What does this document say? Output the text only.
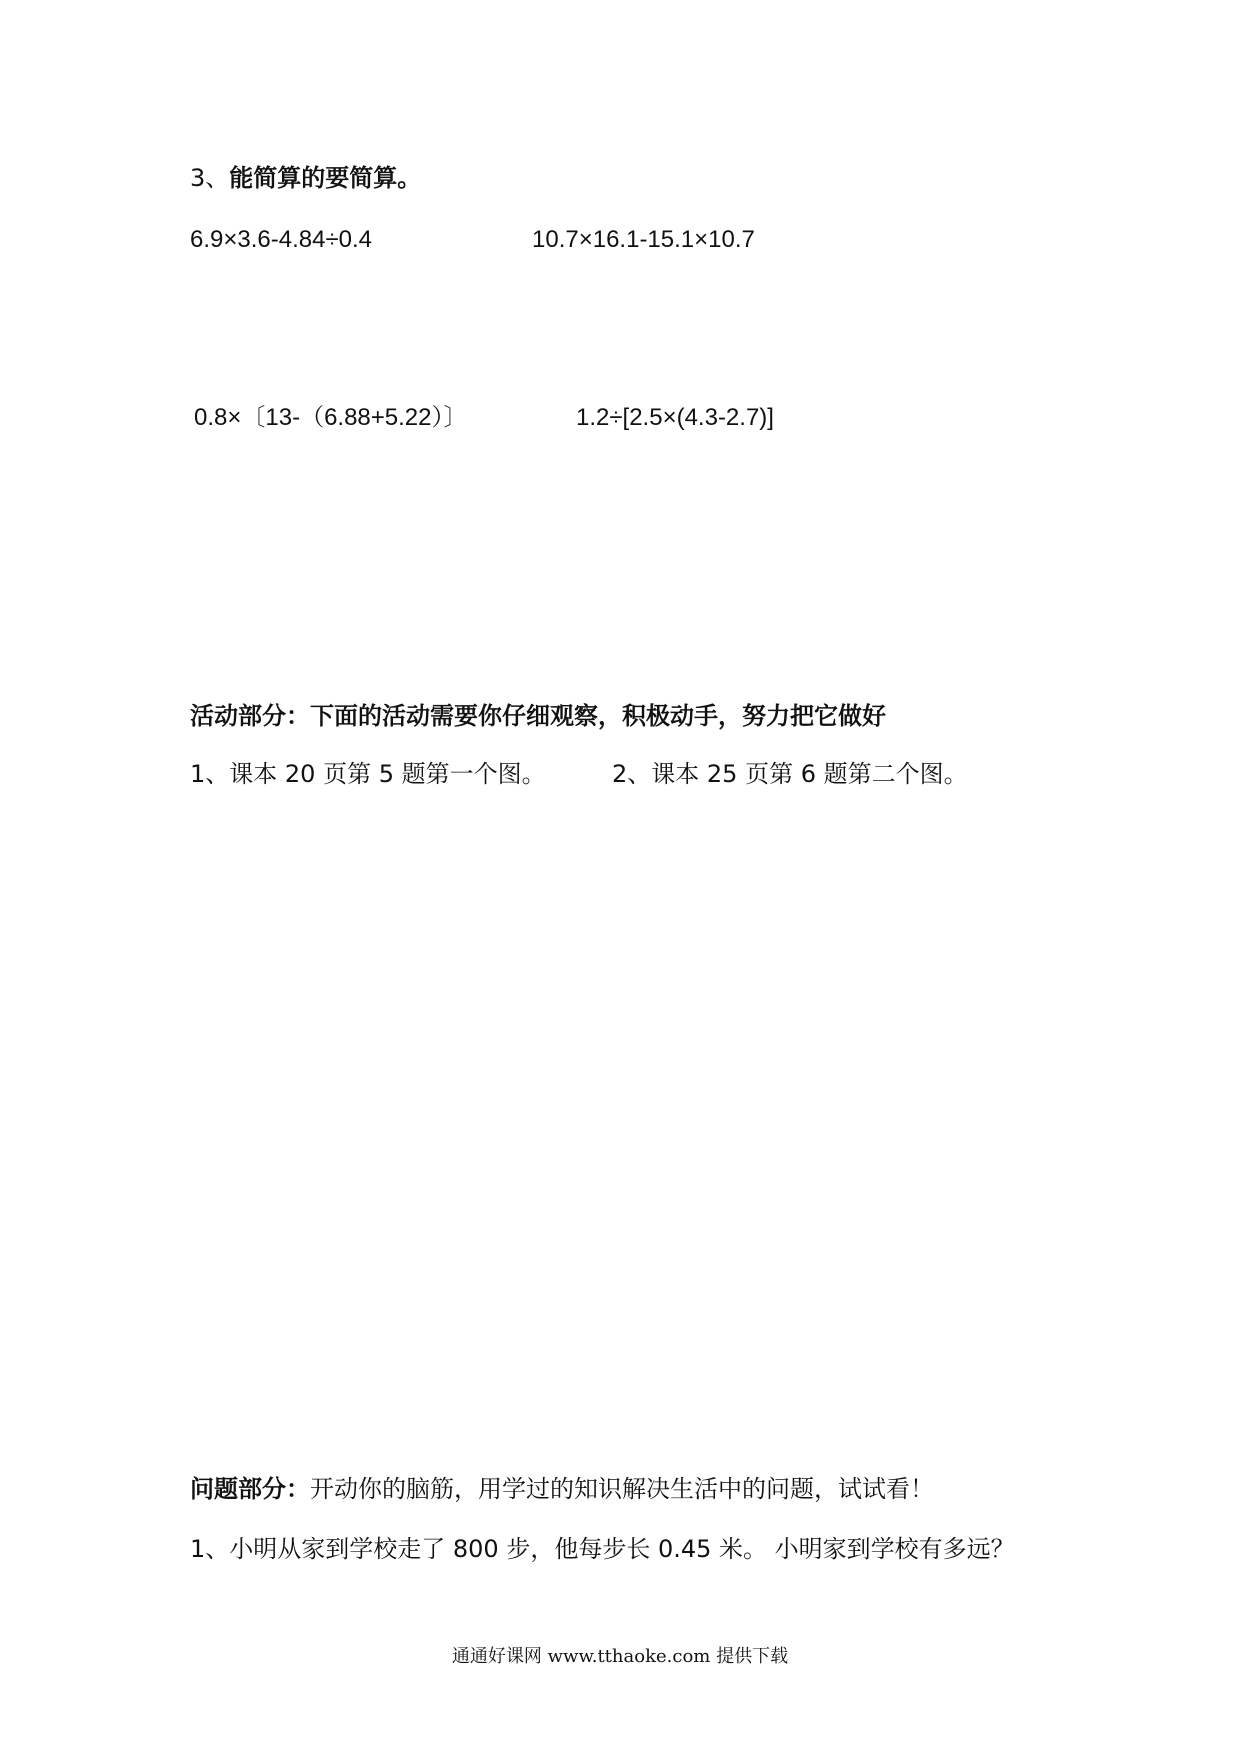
3、能简算的要简算。
6.9×3.6-4.84÷0.4	10.7×16.1-15.1×10.7
0.8×〔13-（6.88+5.22）〕	1.2÷[2.5×(4.3-2.7)]
活动部分：下面的活动需要你仔细观察，积极动手，努力把它做好
1、课本 20 页第 5 题第一个图。	2、课本 25 页第 6 题第二个图。
问题部分：开动你的脑筋，用学过的知识解决生活中的问题，试试看！
1、小明从家到学校走了 800 步，他每步长 0.45 米。 小明家到学校有多远？
通通好课网 www.tthaoke.com 提供下载
